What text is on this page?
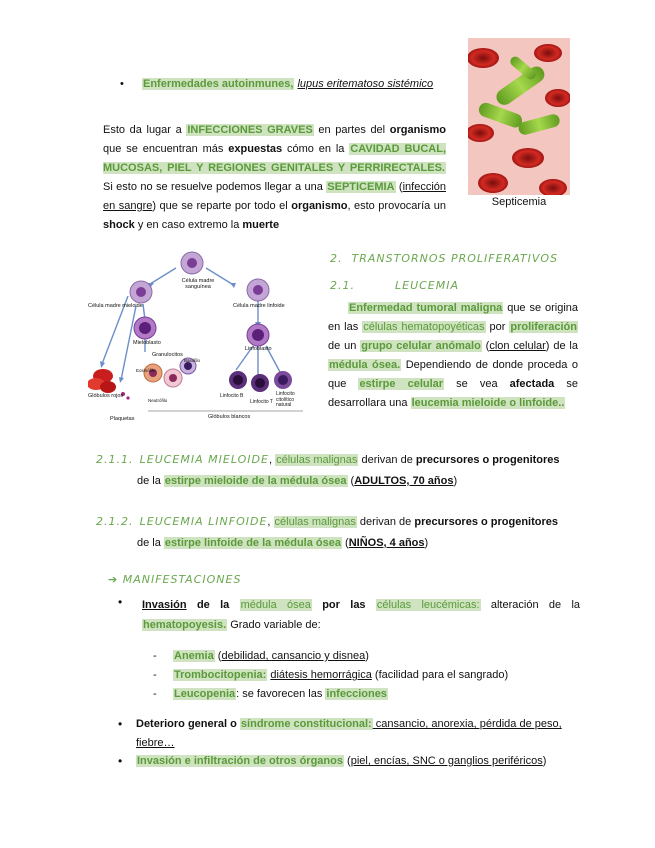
• Enfermedades autoinmunes, lupus eritematoso sistémico
Esto da lugar a INFECCIONES GRAVES en partes del organismo que se encuentran más expuestas cómo en la CAVIDAD BUCAL, MUCOSAS, PIEL Y REGIONES GENITALES Y PERRIRECTALES. Si esto no se resuelve podemos llegar a una SEPTICEMIA (infección en sangre) que se reparte por todo el organismo, esto provocaría un shock y en caso extremo la muerte
Septicemia
Célula madre sanguínea
Célula madre mieloide	Célula madre linfoide
Mieloblasto
Linfoblasto
Granulocitos
Basófilo
Eosinófilo
Neutrófilo
Glóbulos rojos
Plaquetas
Linfocito B
Linfocito T
Linfocito citolítico natural
Glóbulos blancos
2. TRANSTORNOS PROLIFERATIVOS
2.1.	LEUCEMIA
Enfermedad tumoral maligna que se origina en las células hematopoyéticas por proliferación de un grupo celular anómalo (clon celular) de la médula ósea. Dependiendo de donde proceda o que estirpe celular se vea afectada se desarrollara una leucemia mieloide o linfoide..
2.1.1. LEUCEMIA MIELOIDE, células malignas derivan de precursores o progenitores
de la estirpe mieloide de la médula ósea (ADULTOS, 70 años)
2.1.2. LEUCEMIA LINFOIDE, células malignas derivan de precursores o progenitores
de la estirpe linfoide de la médula ósea (NIÑOS, 4 años)
➔ MANIFESTACIONES
• Invasión de la médula ósea por las células leucémicas: alteración de la hematopoyesis. Grado variable de:
- Anemia (debilidad, cansancio y disnea)
- Trombocitopenia: diátesis hemorrágica (facilidad para el sangrado)
- Leucopenia: se favorecen las infecciones
• Deterioro general o síndrome constitucional: cansancio, anorexia, pérdida de peso,
fiebre…
• Invasión e infiltración de otros órganos (piel, encías, SNC o ganglios periféricos)
